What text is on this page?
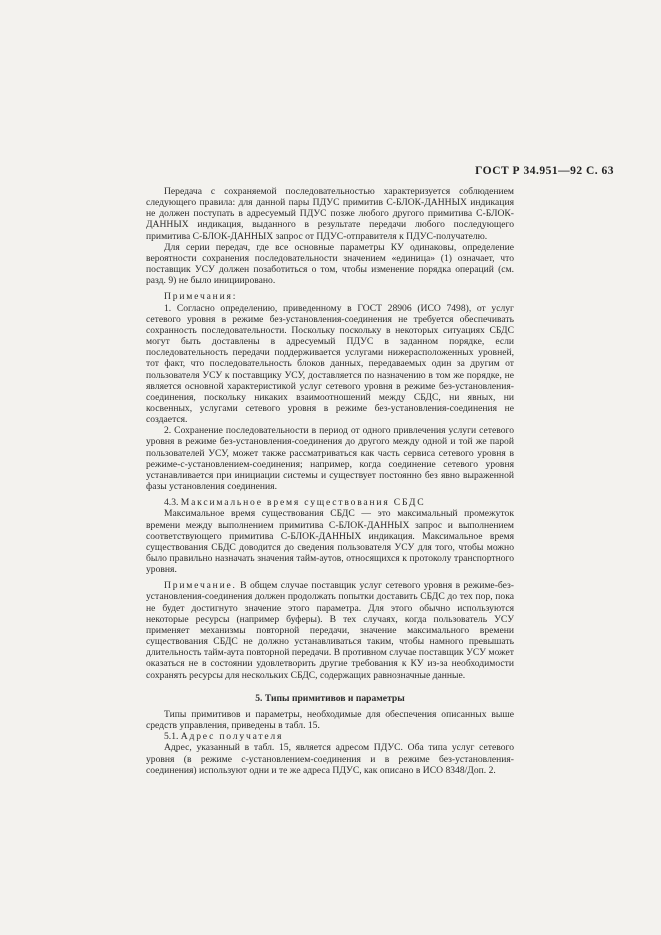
ГОСТ Р 34.951—92 С. 63

Передача с сохраняемой последовательностью характеризуется соблюдением следующего правила: для данной пары ПДУС примитив С-БЛОК-ДАННЫХ индикация не должен поступать в адресуемый ПДУС позже любого другого примитива С-БЛОК-ДАННЫХ индикация, выданного в результате передачи любого последующего примитива С-БЛОК-ДАННЫХ запрос от ПДУС-отправителя к ПДУС-получателю.

Для серии передач, где все основные параметры КУ одинаковы, определение вероятности сохранения последовательности значением «единица» (1) означает, что поставщик УСУ должен позаботиться о том, чтобы изменение порядка операций (см. разд. 9) не было инициировано.

Примечания:

1. Согласно определению, приведенному в ГОСТ 28906 (ИСО 7498), от услуг сетевого уровня в режиме без-установления-соединения не требуется обеспечивать сохранность последовательности. Поскольку поскольку в некоторых ситуациях СБДС могут быть доставлены в адресуемый ПДУС в заданном порядке, если последовательность передачи поддерживается услугами нижерасположенных уровней, тот факт, что последовательность блоков данных, передаваемых один за другим от пользователя УСУ к поставщику УСУ, доставляется по назначению в том же порядке, не является основной характеристикой услуг сетевого уровня в режиме без-установления-соединения, поскольку никаких взаимоотношений между СБДС, ни явных, ни косвенных, услугами сетевого уровня в режиме без-установления-соединения не создается.

2. Сохранение последовательности в период от одного привлечения услуги сетевого уровня в режиме без-установления-соединения до другого между одной и той же парой пользователей УСУ, может также рассматриваться как часть сервиса сетевого уровня в режиме-с-установлением-соединения; например, когда соединение сетевого уровня устанавливается при инициации системы и существует постоянно без явно выраженной фазы установления соединения.

4.3. Максимальное время существования СБДС

Максимальное время существования СБДС — это максимальный промежуток времени между выполнением примитива С-БЛОК-ДАННЫХ запрос и выполнением соответствующего примитива С-БЛОК-ДАННЫХ индикация. Максимальное время существования СБДС доводится до сведения пользователя УСУ для того, чтобы можно было правильно назначать значения тайм-аутов, относящихся к протоколу транспортного уровня.

Примечание. В общем случае поставщик услуг сетевого уровня в режиме-без-установления-соединения должен продолжать попытки доставить СБДС до тех пор, пока не будет достигнуто значение этого параметра. Для этого обычно используются некоторые ресурсы (например буферы). В тех случаях, когда пользователь УСУ применяет механизмы повторной передачи, значение максимального времени существования СБДС не должно устанавливаться таким, чтобы намного превышать длительность тайм-аута повторной передачи. В противном случае поставщик УСУ может оказаться не в состоянии удовлетворить другие требования к КУ из-за необходимости сохранять ресурсы для нескольких СБДС, содержащих равнозначные данные.

5. Типы примитивов и параметры

Типы примитивов и параметры, необходимые для обеспечения описанных выше средств управления, приведены в табл. 15.

5.1. Адрес получателя

Адрес, указанный в табл. 15, является адресом ПДУС. Оба типа услуг сетевого уровня (в режиме с-установлением-соединения и в режиме без-установления-соединения) используют одни и те же адреса ПДУС, как описано в ИСО 8348/Доп. 2.
